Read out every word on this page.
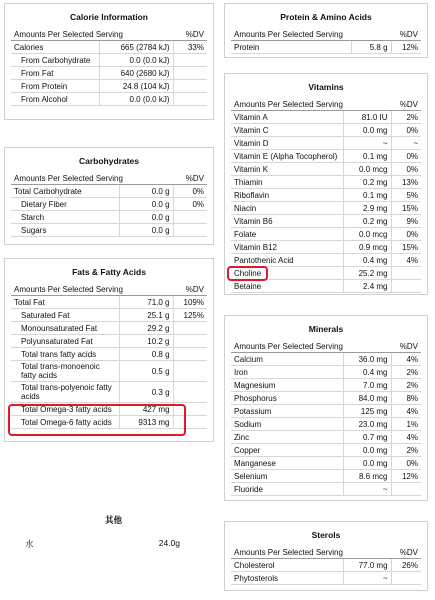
Calorie Information
Amounts Per Selected Serving		%DV
Calories	665 (2784 kJ)	33%
From Carbohydrate	0.0 (0.0 kJ)	
From Fat	640 (2680 kJ)	
From Protein	24.8 (104 kJ)	
From Alcohol	0.0 (0.0 kJ)	
Carbohydrates
Amounts Per Selected Serving		%DV
Total Carbohydrate	0.0 g	0%
Dietary Fiber	0.0 g	0%
Starch	0.0 g	
Sugars	0.0 g	
Fats & Fatty Acids
Amounts Per Selected Serving		%DV
Total Fat	71.0 g	109%
Saturated Fat	25.1 g	125%
Monounsaturated Fat	29.2 g	
Polyunsaturated Fat	10.2 g	
Total trans fatty acids	0.8 g	
Total trans-monoenoic fatty acids	0.5 g	
Total trans-polyenoic fatty acids	0.3 g	
Total Omega-3 fatty acids	427 mg	
Total Omega-6 fatty acids	9313 mg	
Protein & Amino Acids
Amounts Per Selected Serving		%DV
Protein	5.8 g	12%
Vitamins
Amounts Per Selected Serving		%DV
Vitamin A	81.0 IU	2%
Vitamin C	0.0 mg	0%
Vitamin D	~	~
Vitamin E (Alpha Tocopherol)	0.1 mg	0%
Vitamin K	0.0 mcg	0%
Thiamin	0.2 mg	13%
Riboflavin	0.1 mg	5%
Niacin	2.9 mg	15%
Vitamin B6	0.2 mg	9%
Folate	0.0 mcg	0%
Vitamin B12	0.9 mcg	15%
Pantothenic Acid	0.4 mg	4%
Choline	25.2 mg	
Betaine	2.4 mg	
Minerals
Amounts Per Selected Serving		%DV
Calcium	36.0 mg	4%
Iron	0.4 mg	2%
Magnesium	7.0 mg	2%
Phosphorus	84.0 mg	8%
Potassium	125 mg	4%
Sodium	23.0 mg	1%
Zinc	0.7 mg	4%
Copper	0.0 mg	2%
Manganese	0.0 mg	0%
Selenium	8.6 mcg	12%
Fluoride	~	
Sterols
Amounts Per Selected Serving		%DV
Cholesterol	77.0 mg	26%
Phytosterols	~	
其他
水	24.0g
